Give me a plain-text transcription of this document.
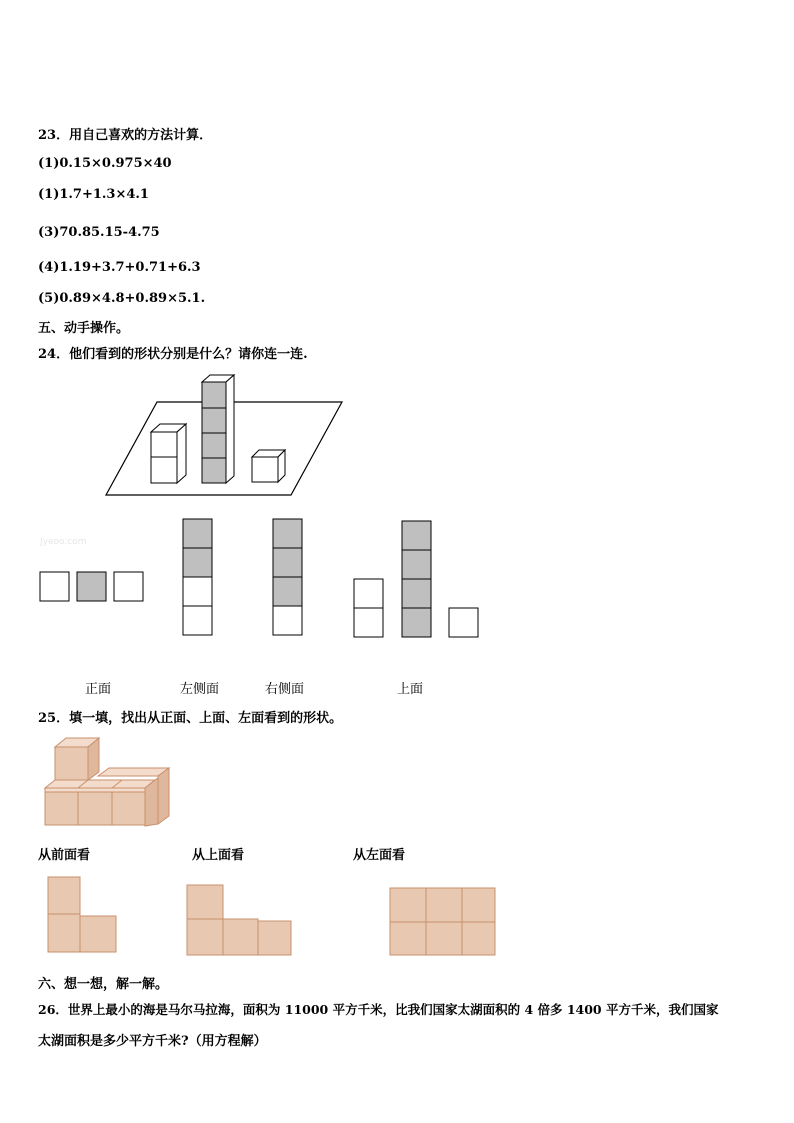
23．用自己喜欢的方法计算．
(1)0.15×0.975×40
(1)1.7+1.3×4.1
(3)70.85.15-4.75
(4)1.19+3.7+0.71+6.3
(5)0.89×4.8+0.89×5.1.
五、动手操作。
24．他们看到的形状分别是什么？请你连一连.
Jyeoo.com
正面	左侧面	右侧面	上面
25．填一填，找出从正面、上面、左面看到的形状。
从前面看	从上面看	从左面看
六、想一想，解一解。
26．世界上最小的海是马尔马拉海，面积为 11000 平方千米，比我们国家太湖面积的 4 倍多 1400 平方千米，我们国家
太湖面积是多少平方千米?（用方程解）
